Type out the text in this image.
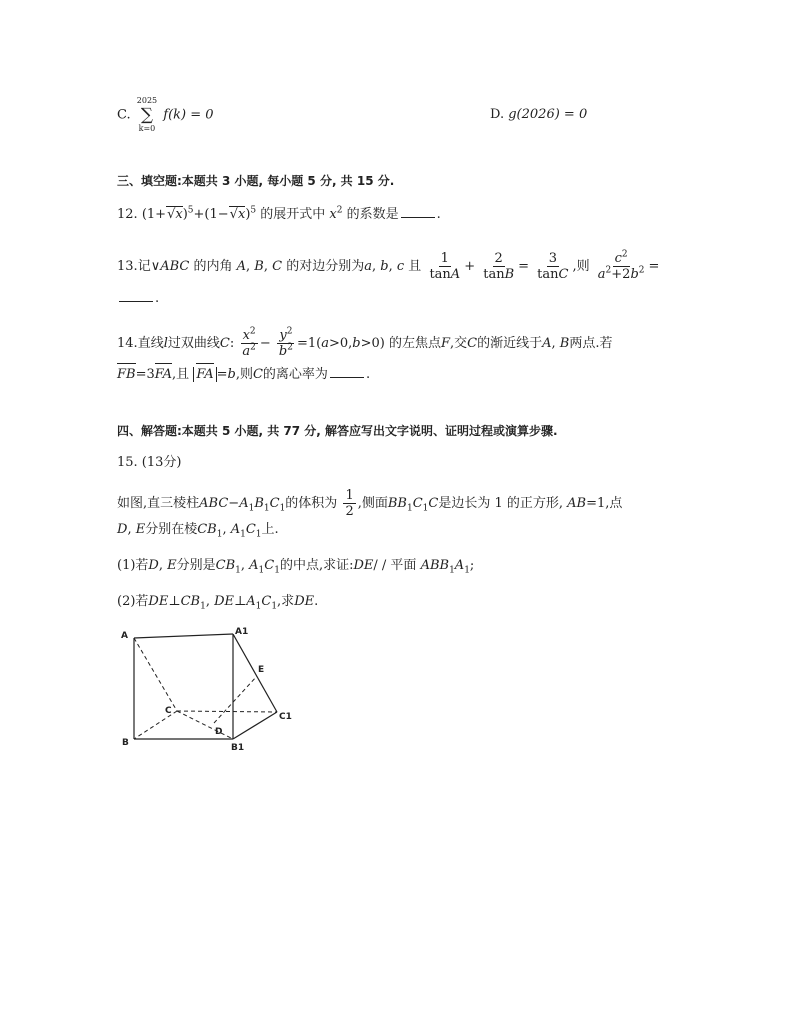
C.
2025
∑
k=0
f(k) = 0	D. g(2026) = 0
三、填空题:本题共 3 小题, 每小题 5 分, 共 15 分.
12. $(1+√x)^5+(1-√x)^5$ 的展开式中 $x^2$ 的系数是	.
13.记∨ABC 的内角 A, B, C 的对边分别为a, b, c 且 $\frac{1}{\tan A} + \frac{2}{\tan B} = \frac{3}{\tan C}$ ,则 $\frac{c^2}{a^2+2b^2}$ =
.
14.直线l过双曲线C: $\frac{x^2}{a^2} - \frac{y^2}{b^2} =1(a>0,b>0)$ 的左焦点F,交C的渐近线于A, B两点.若
FB=3FA,且 FA =b,则C的离心率为	.
四、解答题:本题共 5 小题, 共 77 分, 解答应写出文字说明、证明过程或演算步骤.
15. (13分)
如图,直三棱柱$ABC-A_1B_1C_1$的体积为 $\frac{1}{2}$ ,侧面$BB_1C_1C$是边长为 1 的正方形, AB=1,点
D, E分别在棱$CB_1$, $A_1C_1$上.
(1)若D, E分别是$CB_1$, $A_1C_1$的中点,求证:DE/ / 平面 $ABB_1A_1$;
(2)若$DE\perp CB_1$, $DE\perp A_1C_1$,求DE.
A	A1
E
C
C1
D
B	B1
